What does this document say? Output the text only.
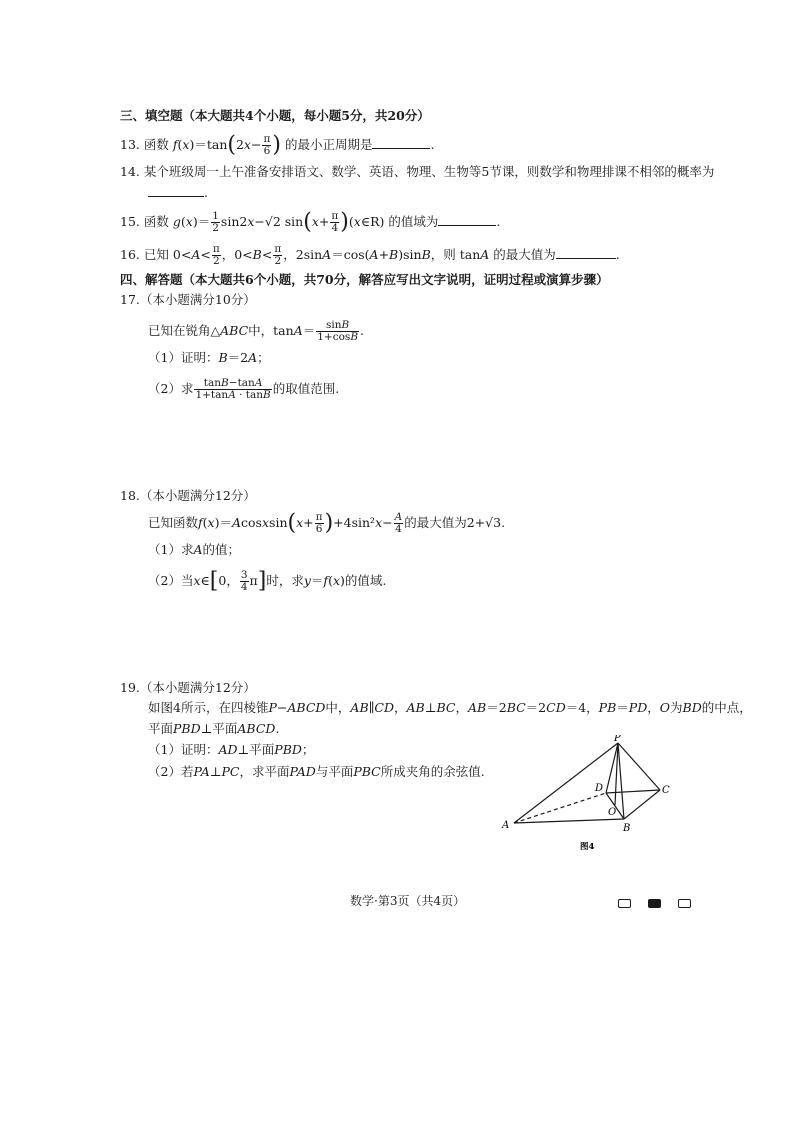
三、填空题（本大题共4个小题，每小题5分，共20分）
13. 函数 $f(x)=\tan(2x- \frac{\pi}{6}$ ) 的最小正周期是	.
14. 某个班级周一上午准备安排语文、数学、英语、物理、生物等5节课，则数学和物理排课不相邻的概率为
.
15. 函数 $g(x)= \frac{1}{2} \sin 2x-√2$ $\sin(x+ \frac{\pi}{4}$ )(x∈R) 的值域为	.
16. 已知 $0<A< \frac{\pi}{2}$ ，$0<B< \frac{\pi}{2}$ ，2sinA＝cos(A+B)sinB，则 tanA 的最大值为	.
四、解答题（本大题共6个小题，共70分，解答应写出文字说明，证明过程或演算步骤）
17.（本小题满分10分）
已知在锐角△ABC中，$\tan A= \frac{\sin B}{1+\cos B}$ .
（1）证明：B＝2A；
（2）求 $\frac{\tan B-\tan A}{1+\tan A \cdot \tan B}$ 的取值范围.
18.（本小题满分12分）
已知函数f(x)＝Acosxsin(x+ $\frac{\pi}{6} )+4\sin^2x- \frac{A}{4}$ 的最大值为2+√3.
（1）求A的值；
（2）当x∈[0， $\frac{3}{4} \pi$]时，求y＝f(x)的值域.
19.（本小题满分12分）
如图4所示，在四棱锥P−ABCD中，AB∥CD，AB⊥BC，AB＝2BC＝2CD＝4，PB＝PD，O为BD的中点，
平面PBD⊥平面ABCD.
（1）证明：AD⊥平面PBD；
（2）若PA⊥PC，求平面PAD与平面PBC所成夹角的余弦值.
P
D	C
O
A	B
图4
数学·第3页（共4页）
